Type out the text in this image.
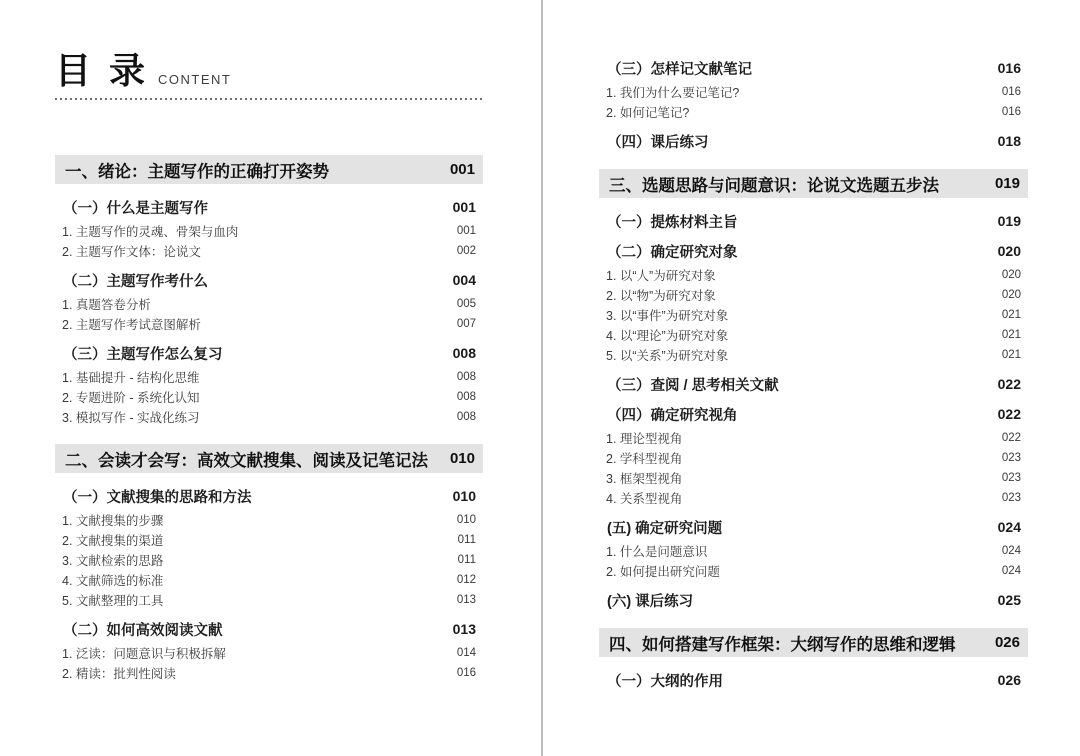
目 录 CONTENT
一、绪论：主题写作的正确打开姿势	001
（一）什么是主题写作	001
1. 主题写作的灵魂、骨架与血肉	001
2. 主题写作文体：论说文	002
（二）主题写作考什么	004
1. 真题答卷分析	005
2. 主题写作考试意图解析	007
（三）主题写作怎么复习	008
1. 基础提升 - 结构化思维	008
2. 专题进阶 - 系统化认知	008
3. 模拟写作 - 实战化练习	008
二、会读才会写：高效文献搜集、阅读及记笔记法 010
（一）文献搜集的思路和方法	010
1. 文献搜集的步骤	010
2. 文献搜集的渠道	011
3. 文献检索的思路	011
4. 文献筛选的标准	012
5. 文献整理的工具	013
（二）如何高效阅读文献	013
1. 泛读：问题意识与积极拆解	014
2. 精读：批判性阅读	016
（三）怎样记文献笔记	016
1. 我们为什么要记笔记?	016
2. 如何记笔记?	016
（四）课后练习	018
三、选题思路与问题意识：论说文选题五步法	019
（一）提炼材料主旨	019
（二）确定研究对象	020
1. 以“人”为研究对象	020
2. 以“物”为研究对象	020
3. 以“事件”为研究对象	021
4. 以“理论”为研究对象	021
5. 以“关系”为研究对象	021
（三）查阅 / 思考相关文献	022
（四）确定研究视角	022
1. 理论型视角	022
2. 学科型视角	023
3. 框架型视角	023
4. 关系型视角	023
(五) 确定研究问题	024
1. 什么是问题意识	024
2. 如何提出研究问题	024
(六) 课后练习	025
四、如何搭建写作框架：大纲写作的思维和逻辑	026
（一）大纲的作用	026
